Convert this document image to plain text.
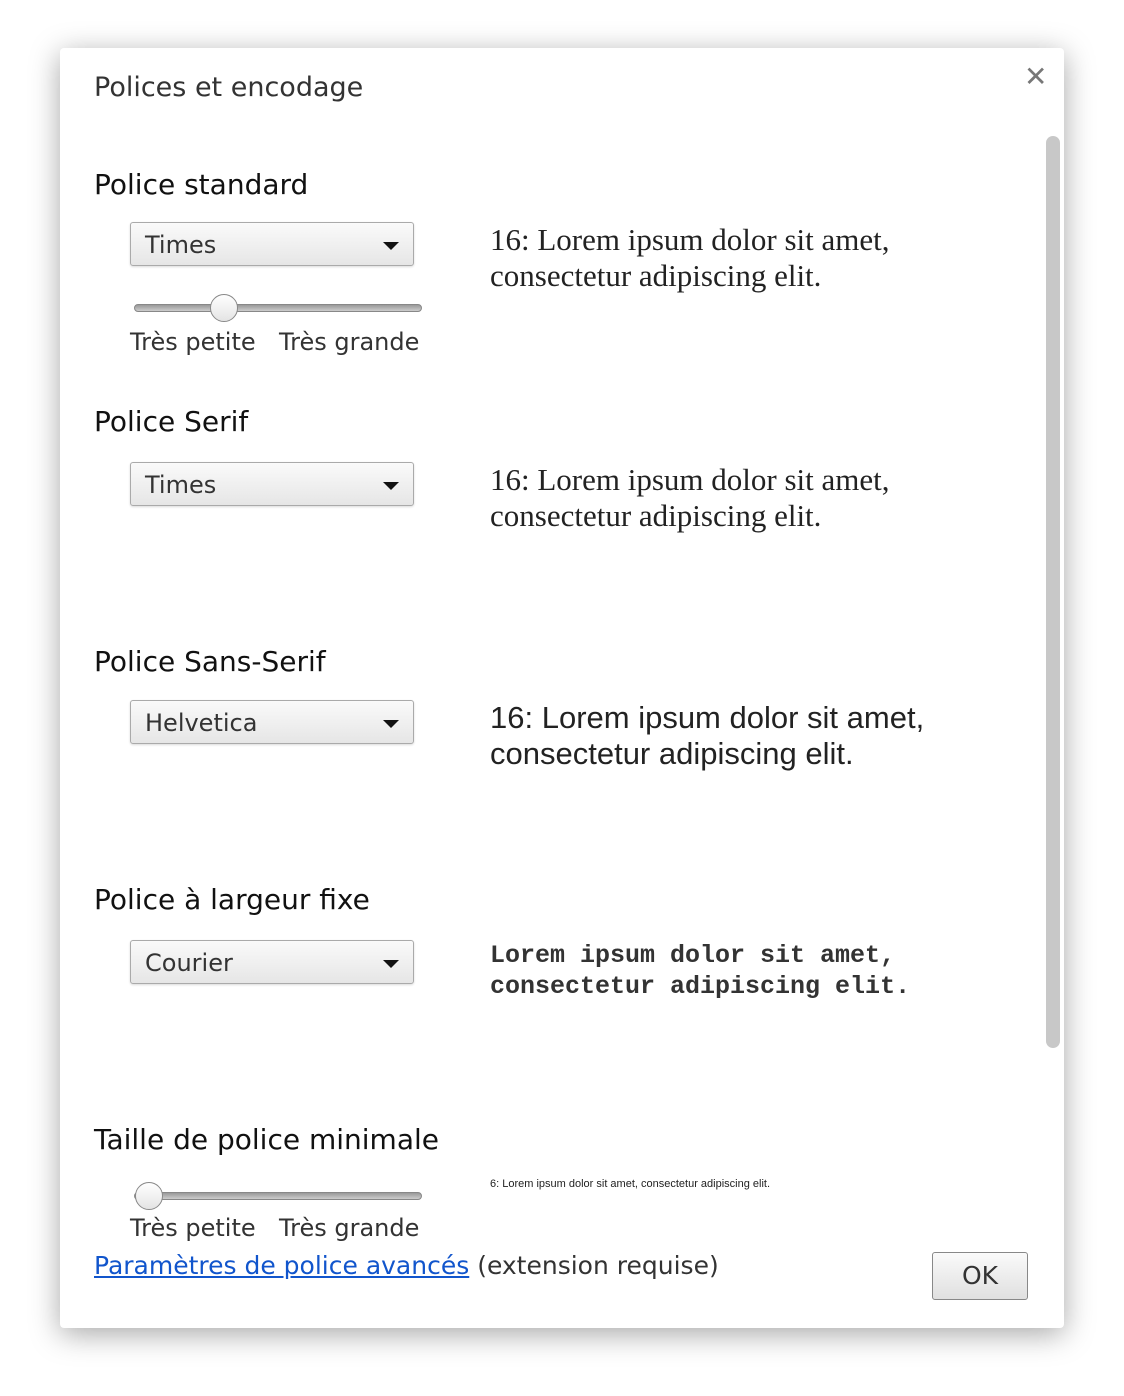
Polices et encodage	✕
Police standard
Times
Très petite Très grande
16: Lorem ipsum dolor sit amet, consectetur adipiscing elit.
Police Serif
Times	16: Lorem ipsum dolor sit amet, consectetur adipiscing elit.
Police Sans-Serif
Helvetica	16: Lorem ipsum dolor sit amet, consectetur adipiscing elit.
Police à largeur fixe
Courier	Lorem ipsum dolor sit amet, consectetur adipiscing elit.
Taille de police minimale
Très petite Très grande
6: Lorem ipsum dolor sit amet, consectetur adipiscing elit.
Paramètres de police avancés (extension requise)	OK
